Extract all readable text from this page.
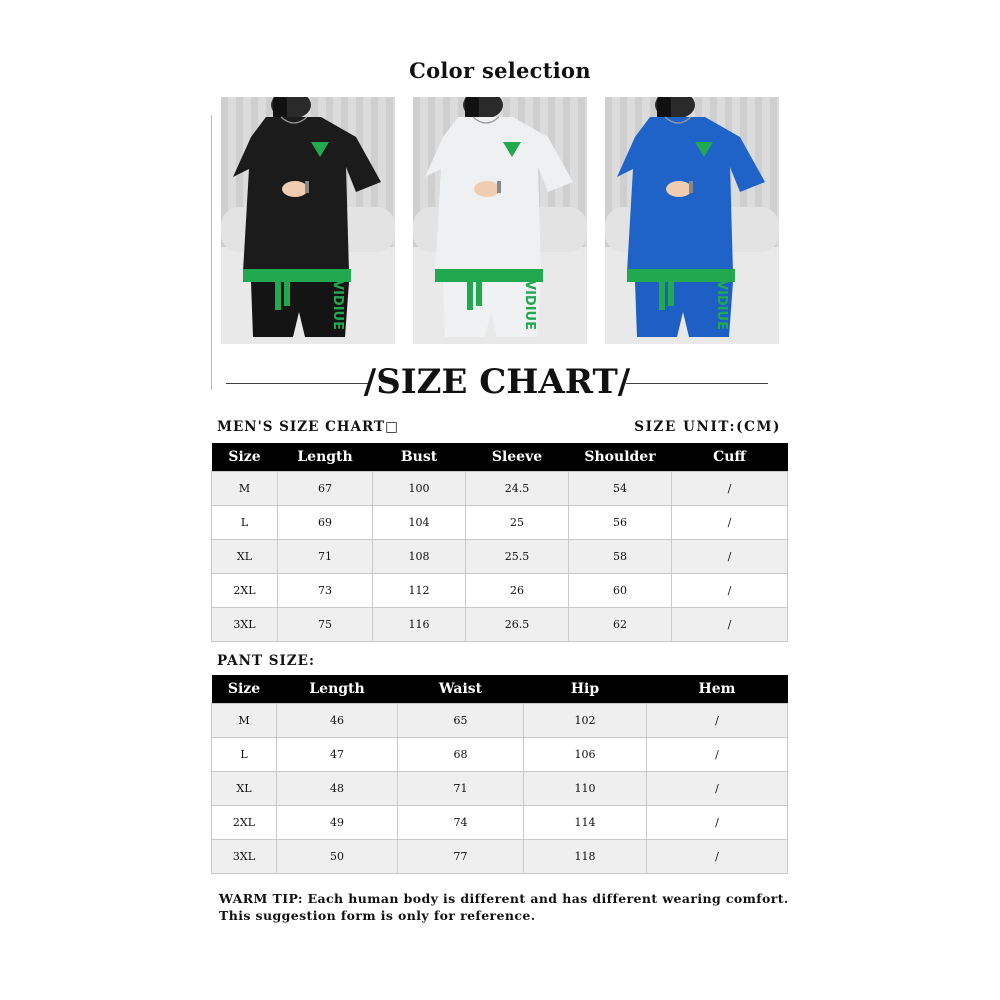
Color selection
VIDIUE	VIDIUE	VIDIUE
/SIZE CHART/
MEN'S SIZE CHART□	SIZE UNIT:(CM)
Size	Length	Bust	Sleeve	Shoulder	Cuff
M	67	100	24.5	54	/
L	69	104	25	56	/
XL	71	108	25.5	58	/
2XL	73	112	26	60	/
3XL	75	116	26.5	62	/
PANT SIZE:
Size	Length	Waist	Hip	Hem
M	46	65	102	/
L	47	68	106	/
XL	48	71	110	/
2XL	49	74	114	/
3XL	50	77	118	/
WARM TIP: Each human body is different and has different wearing comfort. This suggestion form is only for reference.
